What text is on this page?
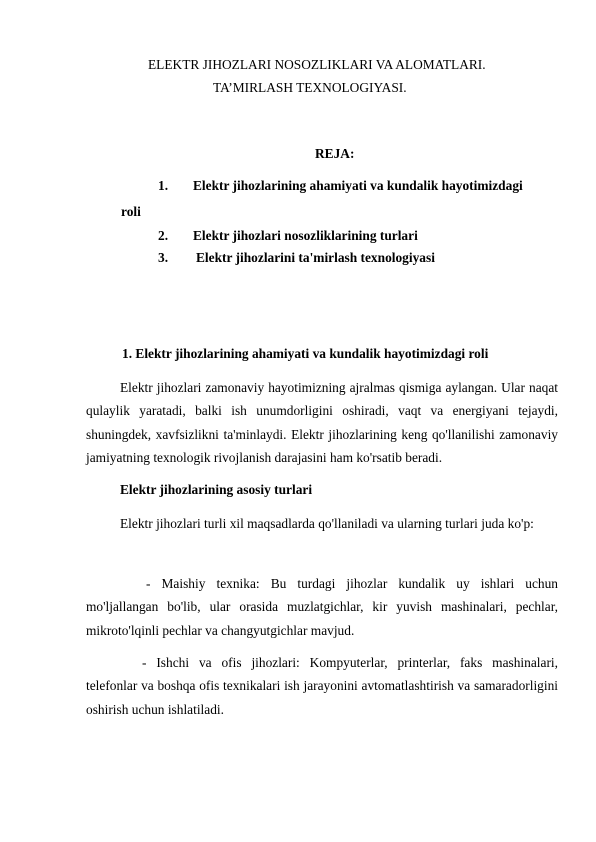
ELEKTR JIHOZLARI NOSOZLIKLARI VA ALOMATLARI.
TA’MIRLASH TEXNOLOGIYASI.
REJA:
1. Elektr jihozlarining ahamiyati va kundalik hayotimizdagi
roli
2. Elektr jihozlari nosozliklarining turlari
3. Elektr jihozlarini ta'mirlash texnologiyasi
1. Elektr jihozlarining ahamiyati va kundalik hayotimizdagi roli
Elektr jihozlari zamonaviy hayotimizning ajralmas qismiga aylangan. Ular naqat qulaylik yaratadi, balki ish unumdorligini oshiradi, vaqt va energiyani tejaydi, shuningdek, xavfsizlikni ta'minlaydi. Elektr jihozlarining keng qo'llanilishi zamonaviy jamiyatning texnologik rivojlanish darajasini ham ko'rsatib beradi.
Elektr jihozlarining asosiy turlari
Elektr jihozlari turli xil maqsadlarda qo'llaniladi va ularning turlari juda ko'p:
- Maishiy texnika: Bu turdagi jihozlar kundalik uy ishlari uchun mo'ljallangan bo'lib, ular orasida muzlatgichlar, kir yuvish mashinalari, pechlar, mikroto'lqinli pechlar va changyutgichlar mavjud.
- Ishchi va ofis jihozlari: Kompyuterlar, printerlar, faks mashinalari, telefonlar va boshqa ofis texnikalari ish jarayonini avtomatlashtirish va samaradorligini oshirish uchun ishlatiladi.
